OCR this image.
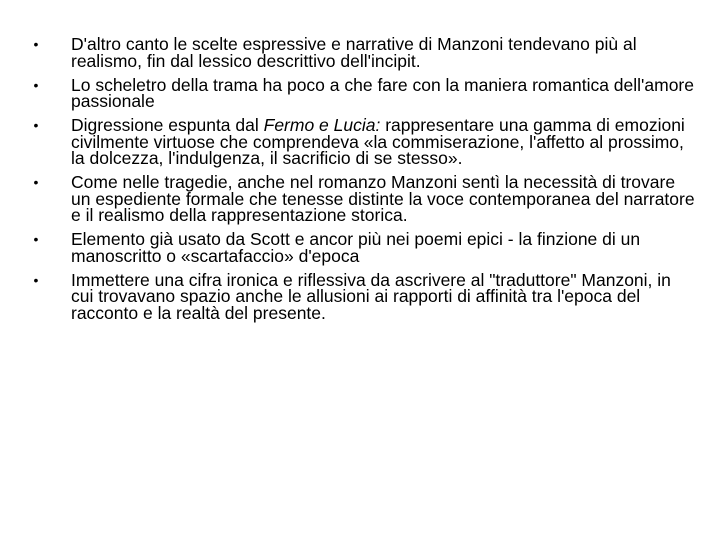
•	D'altro canto le scelte espressive e narrative di Manzoni tendevano più al realismo, fin dal lessico descrittivo dell'incipit.
•	Lo scheletro della trama ha poco a che fare con la maniera romantica dell'amore passionale
•	Digressione espunta dal Fermo e Lucia: rappresentare una gamma di emozioni civilmente virtuose che comprendeva «la commiserazione, l'affetto al prossimo, la dolcezza, l'indulgenza, il sacrificio di se stesso».
•	Come nelle tragedie, anche nel romanzo Manzoni sentì la necessità di trovare un espediente formale che tenesse distinte la voce contemporanea del narratore e il realismo della rappresentazione storica.
•	Elemento già usato da Scott e ancor più nei poemi epici - la finzione di un manoscritto o «scartafaccio» d'epoca
•	Immettere una cifra ironica e riflessiva da ascrivere al "traduttore" Manzoni, in cui trovavano spazio anche le allusioni ai rapporti di affinità tra l'epoca del racconto e la realtà del presente.
